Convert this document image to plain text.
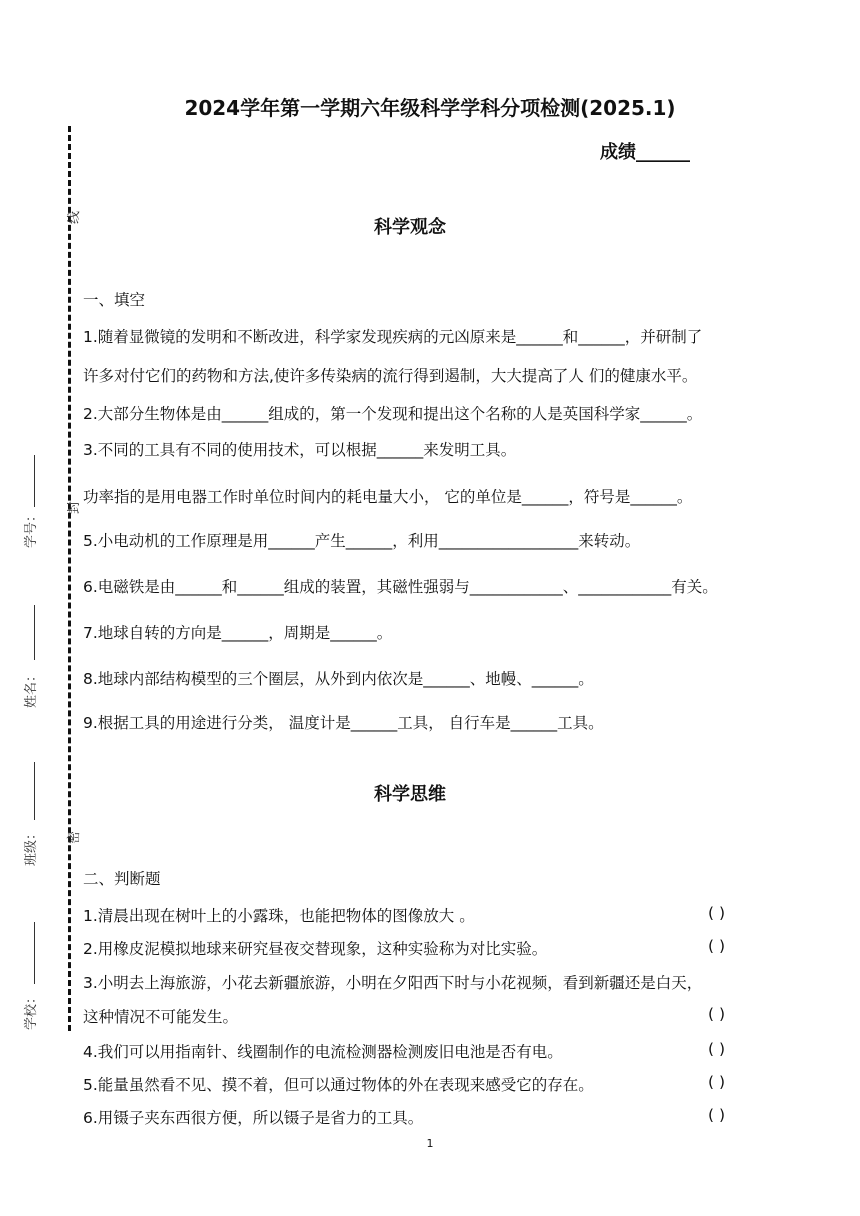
线
封
密
学号：
姓名：
班级：
学校：
2024学年第一学期六年级科学学科分项检测(2025.1)
成绩______
科学观念
一、填空
1.随着显微镜的发明和不断改进，科学家发现疾病的元凶原来是______和______，并研制了
许多对付它们的药物和方法,使许多传染病的流行得到遏制，大大提高了人 们的健康水平。
2.大部分生物体是由______组成的，第一个发现和提出这个名称的人是英国科学家______。
3.不同的工具有不同的使用技术，可以根据______来发明工具。
功率指的是用电器工作时单位时间内的耗电量大小， 它的单位是______，符号是______。
5.小电动机的工作原理是用______产生______，利用__________________来转动。
6.电磁铁是由______和______组成的装置，其磁性强弱与____________、____________有关。
7.地球自转的方向是______，周期是______。
8.地球内部结构模型的三个圈层，从外到内依次是______、地幔、______。
9.根据工具的用途进行分类， 温度计是______工具， 自行车是______工具。
科学思维
二、判断题
1.清晨出现在树叶上的小露珠，也能把物体的图像放大 。	( )
2.用橡皮泥模拟地球来研究昼夜交替现象，这种实验称为对比实验。	( )
3.小明去上海旅游，小花去新疆旅游，小明在夕阳西下时与小花视频，看到新疆还是白天，
这种情况不可能发生。	( )
4.我们可以用指南针、线圈制作的电流检测器检测废旧电池是否有电。	( )
5.能量虽然看不见、摸不着，但可以通过物体的外在表现来感受它的存在。	( )
6.用镊子夹东西很方便，所以镊子是省力的工具。	( )
1
